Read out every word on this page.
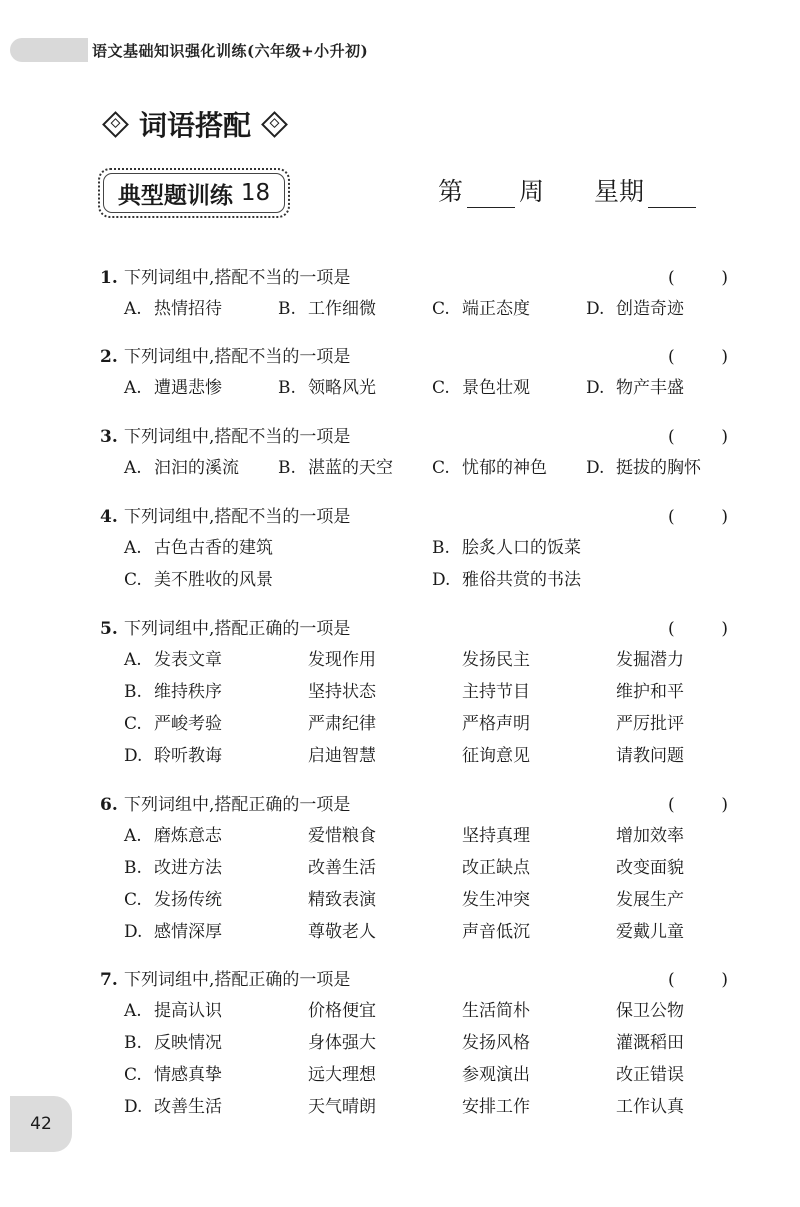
语文基础知识强化训练(六年级+小升初)
词语搭配
典型题训练 18	第 周 星期
1. 下列词组中,搭配不当的一项是	(	)
A. 热情招待	B. 工作细微	C. 端正态度	D. 创造奇迹
2. 下列词组中,搭配不当的一项是	(	)
A. 遭遇悲惨	B. 领略风光	C. 景色壮观	D. 物产丰盛
3. 下列词组中,搭配不当的一项是	(	)
A. 汩汩的溪流	B. 湛蓝的天空	C. 忧郁的神色	D. 挺拔的胸怀
4. 下列词组中,搭配不当的一项是	(	)
A. 古色古香的建筑	B. 脍炙人口的饭菜
C. 美不胜收的风景	D. 雅俗共赏的书法
5. 下列词组中,搭配正确的一项是	(	)
A. 发表文章	发现作用	发扬民主	发掘潜力
B. 维持秩序	坚持状态	主持节目	维护和平
C. 严峻考验	严肃纪律	严格声明	严厉批评
D. 聆听教诲	启迪智慧	征询意见	请教问题
6. 下列词组中,搭配正确的一项是	(	)
A. 磨炼意志	爱惜粮食	坚持真理	增加效率
B. 改进方法	改善生活	改正缺点	改变面貌
C. 发扬传统	精致表演	发生冲突	发展生产
D. 感情深厚	尊敬老人	声音低沉	爱戴儿童
7. 下列词组中,搭配正确的一项是	(	)
A. 提高认识	价格便宜	生活简朴	保卫公物
B. 反映情况	身体强大	发扬风格	灌溉稻田
C. 情感真挚	远大理想	参观演出	改正错误
D. 改善生活	天气晴朗	安排工作	工作认真
42
